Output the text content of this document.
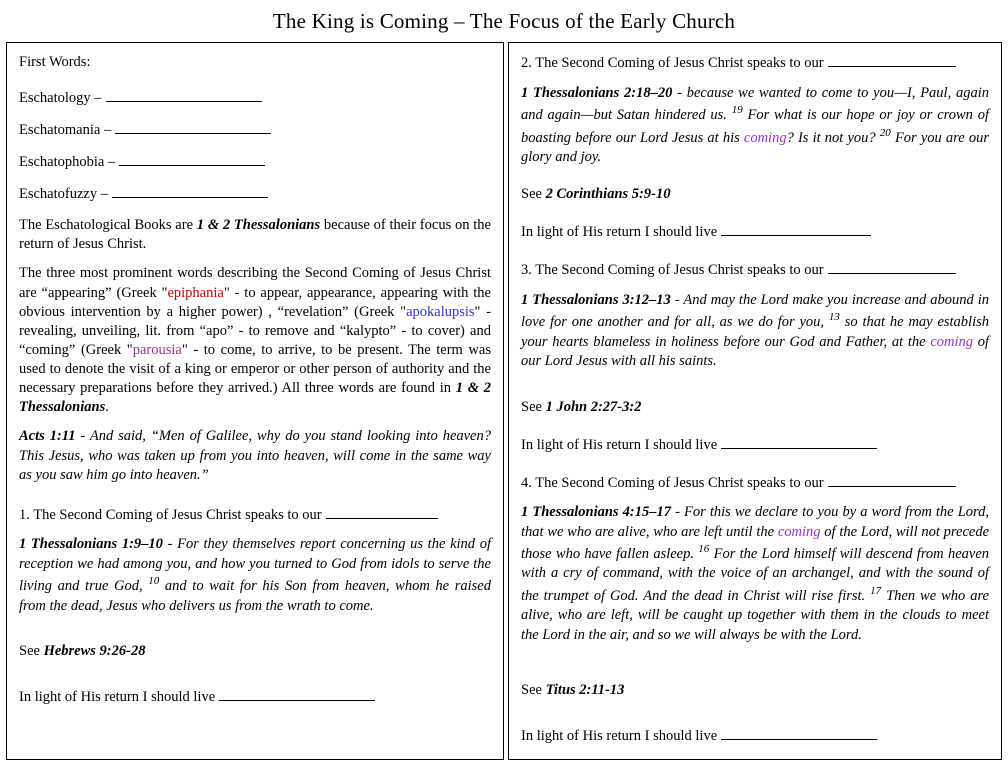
The King is Coming – The Focus of the Early Church
First Words:
Eschatology –
Eschatomania –
Eschatophobia –
Eschatofuzzy –
The Eschatological Books are 1 & 2 Thessalonians because of their focus on the return of Jesus Christ.
The three most prominent words describing the Second Coming of Jesus Christ are “appearing” (Greek "epiphania" - to appear, appearance, appearing with the obvious intervention by a higher power) , “revelation” (Greek "apokalupsis" - revealing, unveiling, lit. from “apo” - to remove and “kalypto” - to cover) and “coming” (Greek "parousia" - to come, to arrive, to be present. The term was used to denote the visit of a king or emperor or other person of authority and the necessary preparations before they arrived.) All three words are found in 1 & 2 Thessalonians.
Acts 1:11 - And said, “Men of Galilee, why do you stand looking into heaven? This Jesus, who was taken up from you into heaven, will come in the same way as you saw him go into heaven.”
1. The Second Coming of Jesus Christ speaks to our
1 Thessalonians 1:9–10 - For they themselves report concerning us the kind of reception we had among you, and how you turned to God from idols to serve the living and true God, $^{10}$ and to wait for his Son from heaven, whom he raised from the dead, Jesus who delivers us from the wrath to come.
See Hebrews 9:26-28
In light of His return I should live
2. The Second Coming of Jesus Christ speaks to our
1 Thessalonians 2:18–20 - because we wanted to come to you—I, Paul, again and again—but Satan hindered us. $^{19}$ For what is our hope or joy or crown of boasting before our Lord Jesus at his coming? Is it not you? $^{20}$ For you are our glory and joy.
See 2 Corinthians 5:9-10
In light of His return I should live
3. The Second Coming of Jesus Christ speaks to our
1 Thessalonians 3:12–13 - And may the Lord make you increase and abound in love for one another and for all, as we do for you, $^{13}$ so that he may establish your hearts blameless in holiness before our God and Father, at the coming of our Lord Jesus with all his saints.
See 1 John 2:27-3:2
In light of His return I should live
4. The Second Coming of Jesus Christ speaks to our
1 Thessalonians 4:15–17 - For this we declare to you by a word from the Lord, that we who are alive, who are left until the coming of the Lord, will not precede those who have fallen asleep. $^{16}$ For the Lord himself will descend from heaven with a cry of command, with the voice of an archangel, and with the sound of the trumpet of God. And the dead in Christ will rise first. $^{17}$ Then we who are alive, who are left, will be caught up together with them in the clouds to meet the Lord in the air, and so we will always be with the Lord.
See Titus 2:11-13
In light of His return I should live
